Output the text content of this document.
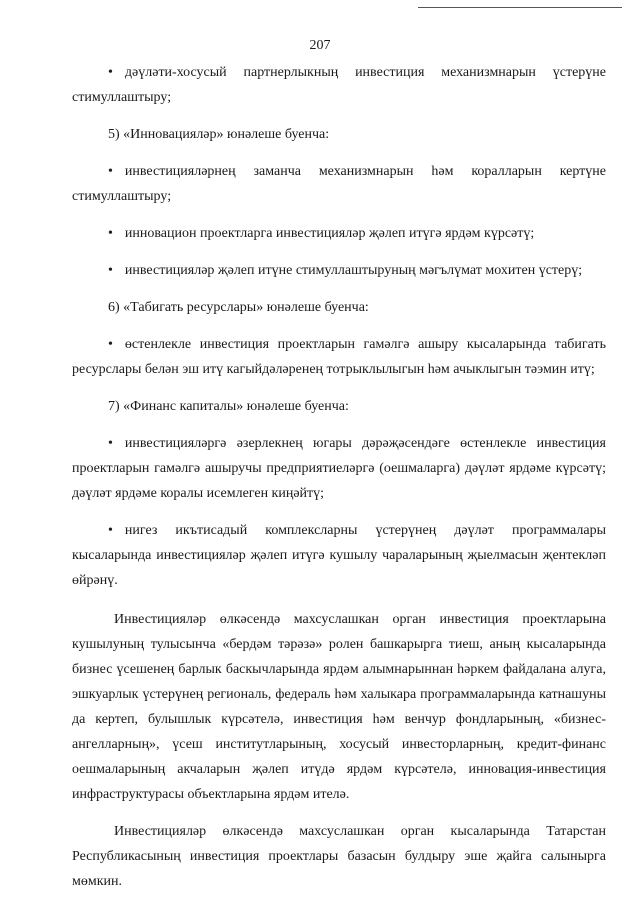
207

• дәүләти-хосусый партнерлыкның инвестиция механизмнарын үстерүне стимуллаштыру;

5) «Инновацияләр» юнәлеше буенча:

• инвестицияләрнең заманча механизмнарын һәм коралларын кертүне стимуллаштыру;

• инновацион проектларга инвестицияләр җәлеп итүгә ярдәм күрсәтү;

• инвестицияләр җәлеп итүне стимуллаштыруның мәгълүмат мохитен үстерү;

6) «Табигать ресурслары» юнәлеше буенча:

• өстенлекле инвестиция проектларын гамәлгә ашыру кысаларында табигать ресурслары белән эш итү кагыйдәләренең тотрыклылыгын һәм ачыклыгын тәэмин итү;

7) «Финанс капиталы» юнәлеше буенча:

• инвестицияләргә әзерлекнең югары дәрәҗәсендәге өстенлекле инвестиция проектларын гамәлгә ашыручы предприятиеләргә (оешмаларга) дәүләт ярдәме күрсәтү; дәүләт ярдәме коралы исемлеген киңәйтү;

• нигез икътисадый комплексларны үстерүнең дәүләт программалары кысаларында инвестицияләр җәлеп итүгә кушылу чараларының җыелмасын җентекләп өйрәнү.

Инвестицияләр өлкәсендә махсуслашкан орган инвестиция проектларына кушылуның тулысынча «бердәм тәрәзә» ролен башкарырга тиеш, аның кысаларында бизнес үсешенең барлык баскычларында ярдәм алымнарыннан һәркем файдалана алуга, эшкуарлык үстерүнең региональ, федераль һәм халыкара программаларында катнашуны да кертеп, булышлык күрсәтелә, инвестиция һәм венчур фондларының, «бизнес-ангелларның», үсеш институтларының, хосусый инвесторларның, кредит-финанс оешмаларының акчаларын җәлеп итүдә ярдәм күрсәтелә, инновация-инвестиция инфраструктурасы объектларына ярдәм ителә.

Инвестицияләр өлкәсендә махсуслашкан орган кысаларында Татарстан Республикасының инвестиция проектлары базасын булдыру эше җайга салынырга мөмкин.
